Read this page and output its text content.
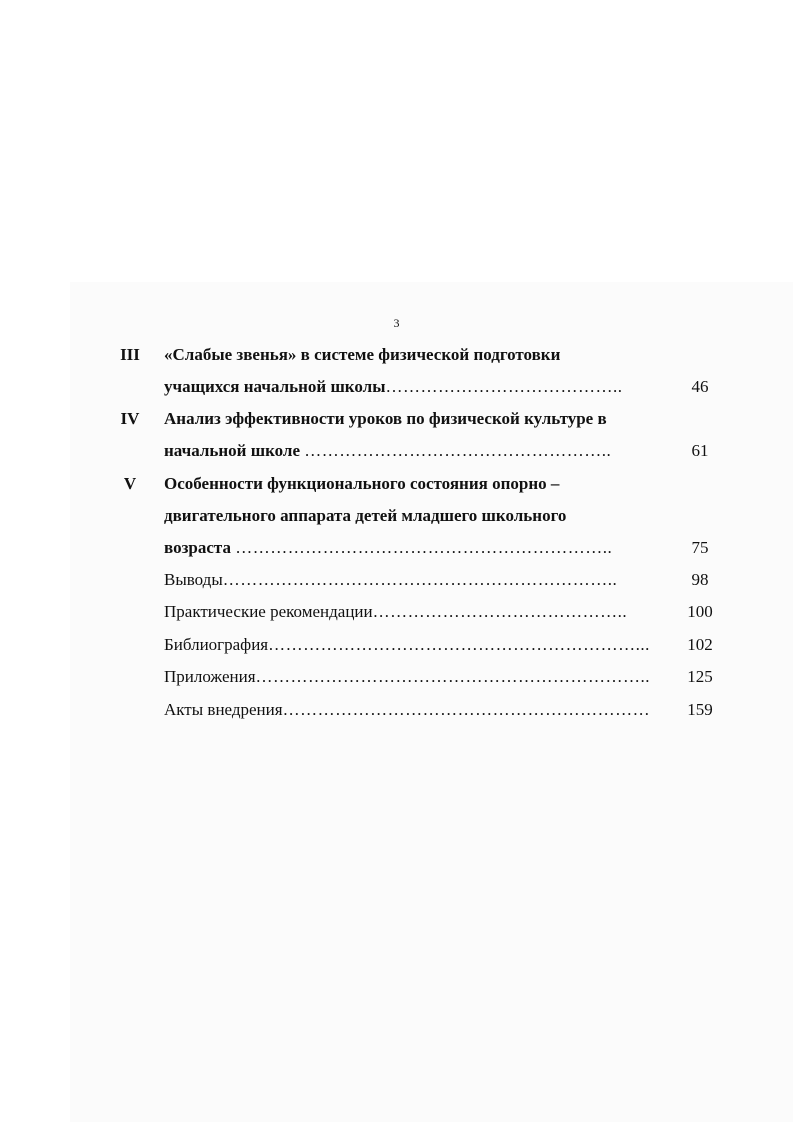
3
III	«Слабые звенья» в системе физической подготовки
учащихся начальной школы…………………………………..	46
IV	Анализ эффективности уроков по физической культуре в
начальной школе ……………………………………………..	61
V	Особенности функционального состояния опорно –
двигательного аппарата детей младшего школьного
возраста ………………………………………………………..	75
Выводы…………………………………………………………..	98
Практические рекомендации……………………………………..	100
Библиография………………………………………………………...	102
Приложения…………………………………………………………..	125
Акты внедрения………………………………………………………	159
